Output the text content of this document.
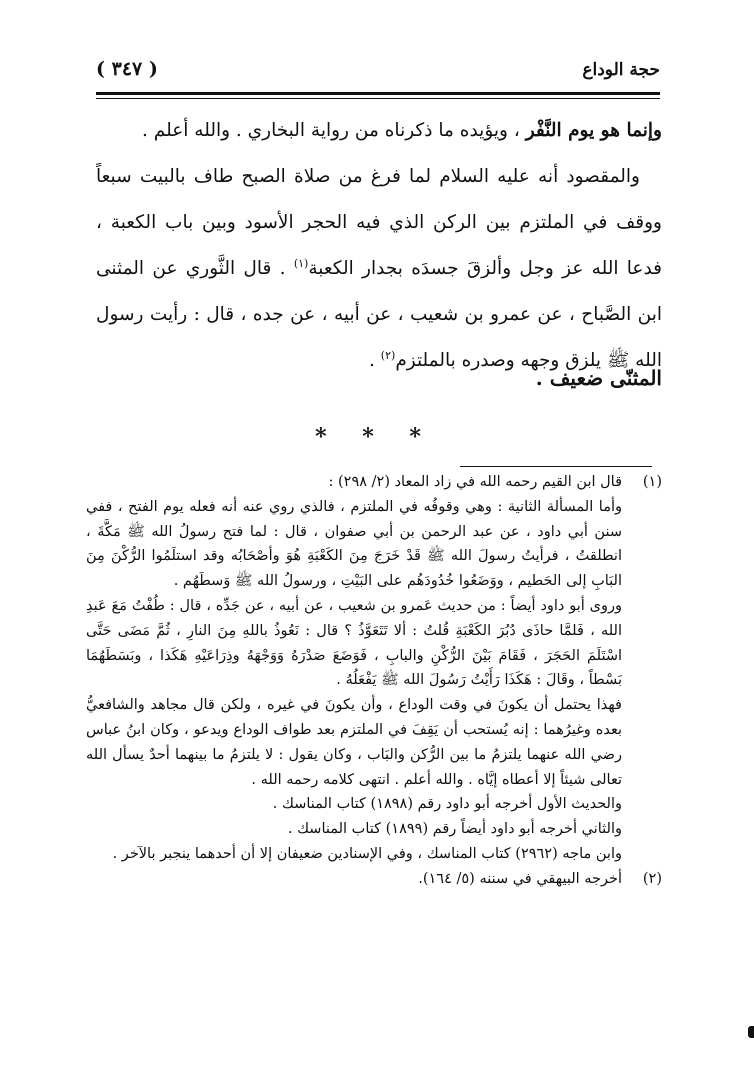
حجة الوداع
( ٣٤٧ )

وإنما هو يوم النَّفْر ، ويؤيده ما ذكرناه من رواية البخاري . والله أعلم .

والمقصود أنه عليه السلام لما فرغ من صلاة الصبح طاف بالبيت سبعاً ووقف في الملتزم بين الركن الذي فيه الحجر الأسود وبين باب الكعبة ، فدعا الله عز وجل وألزقَ جسدَه بجدار الكعبة$^{(١)}$ . قال الثَّوري عن المثنى ابن الصَّباح ، عن عمرو بن شعيب ، عن أبيه ، عن جده ، قال : رأيت رسول الله ﷺ يلزق وجهه وصدره بالملتزم$^{(٢)}$ .

المثنّى ضعيف .
* * *
(١)

قال ابن القيم رحمه الله في زاد المعاد (٢/ ٢٩٨) :

وأما المسألة الثانية : وهي وقوفُه في الملتزم ، فالذي روي عنه أنه فعله يوم الفتح ، ففي سنن أبي داود ، عن عبد الرحمن بن أبي صفوان ، قال : لما فتح رسولُ الله ﷺ مَكَّةَ ، انطلقتُ ، فرأيتُ رسولَ الله ﷺ قَدْ خَرَجَ مِنَ الكَعْبَةِ هُوَ وأصْحَابُه وقد استلَمُوا الرُّكْنَ مِنَ البَابِ إلى الحَطيم ، ووَضَعُوا خُدُودَهُم على البَيْتِ ، ورسولُ الله ﷺ وَسطَهُم .

وروى أبو داود أيضاً : من حديث عَمرو بن شعيب ، عن أبيه ، عن جَدِّه ، قال : طُفْتُ مَعَ عَبدِ الله ، فَلمَّا حاذَى دُبُرَ الكَعْبَةِ قُلتُ : ألا تَتَعَوَّذُ ؟ قال : نَعُوذُ باللهِ مِنَ النارِ ، ثُمَّ مَضَى حَتَّى اسْتَلَمَ الحَجَرَ ، فَقَامَ بَيْنَ الرُّكْنِ والبابِ ، فَوَضَعَ صَدْرَهُ وَوَجْهَهُ وذِرَاعَيْهِ هَكَذا ، وبَسَطَهُمَا بَسْطاً ، وقَالَ : هَكَذَا رَأَيْتُ رَسُولَ الله ﷺ يَفْعَلُهُ .

فهذا يحتمل أن يكونَ في وقت الوداع ، وأن يكونَ في غيره ، ولكن قال مجاهد والشافعيُّ بعده وغيرُهما : إنه يُستحب أن يَقِفَ في الملتزم بعد طواف الوداع ويدعو ، وكان ابنُ عباس رضي الله عنهما يلتزمُ ما بين الرُّكن والبَاب ، وكان يقول : لا يلتزمُ ما بينهما أحدٌ يسأل الله تعالى شيئاً إلا أعطاه إيَّاه . والله أعلم . انتهى كلامه رحمه الله .

والحديث الأول أخرجه أبو داود رقم (١٨٩٨) كتاب المناسك .

والثاني أخرجه أبو داود أيضاً رقم (١٨٩٩) كتاب المناسك .

وابن ماجه (٢٩٦٢) كتاب المناسك ، وفي الإسنادين ضعيفان إلا أن أحدهما ينجبر بالآخر .

(٢)

أخرجه البيهقي في سننه (٥/ ١٦٤).
